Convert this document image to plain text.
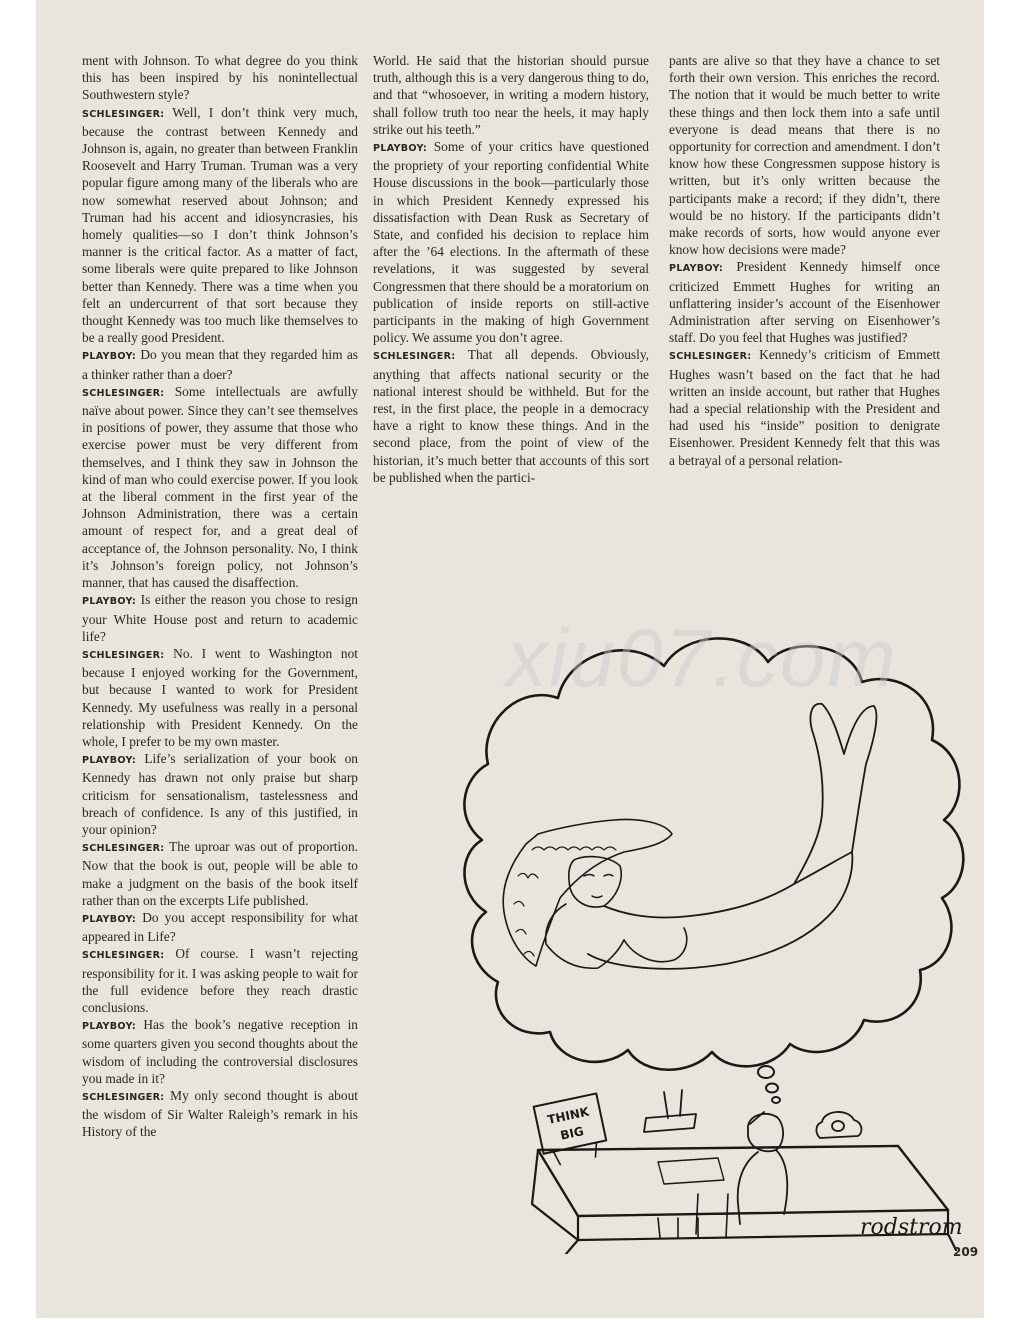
ment with Johnson. To what degree do you think this has been inspired by his nonintellectual Southwestern style?

SCHLESINGER: Well, I don’t think very much, because the contrast between Kennedy and Johnson is, again, no greater than between Franklin Roosevelt and Harry Truman. Truman was a very popular figure among many of the liberals who are now somewhat reserved about Johnson; and Truman had his accent and idiosyncrasies, his homely qualities—so I don’t think Johnson’s manner is the critical factor. As a matter of fact, some liberals were quite prepared to like Johnson better than Kennedy. There was a time when you felt an undercurrent of that sort because they thought Kennedy was too much like themselves to be a really good President.

PLAYBOY: Do you mean that they regarded him as a thinker rather than a doer?

SCHLESINGER: Some intellectuals are awfully naïve about power. Since they can’t see themselves in positions of power, they assume that those who exercise power must be very different from themselves, and I think they saw in Johnson the kind of man who could exercise power. If you look at the liberal comment in the first year of the Johnson Administration, there was a certain amount of respect for, and a great deal of acceptance of, the Johnson personality. No, I think it’s Johnson’s foreign policy, not Johnson’s manner, that has caused the disaffection.

PLAYBOY: Is either the reason you chose to resign your White House post and return to academic life?

SCHLESINGER: No. I went to Washington not because I enjoyed working for the Government, but because I wanted to work for President Kennedy. My usefulness was really in a personal relationship with President Kennedy. On the whole, I prefer to be my own master.

PLAYBOY: Life’s serialization of your book on Kennedy has drawn not only praise but sharp criticism for sensationalism, tastelessness and breach of confidence. Is any of this justified, in your opinion?

SCHLESINGER: The uproar was out of proportion. Now that the book is out, people will be able to make a judgment on the basis of the book itself rather than on the excerpts Life published.

PLAYBOY: Do you accept responsibility for what appeared in Life?

SCHLESINGER: Of course. I wasn’t rejecting responsibility for it. I was asking people to wait for the full evidence before they reach drastic conclusions.

PLAYBOY: Has the book’s negative reception in some quarters given you second thoughts about the wisdom of including the controversial disclosures you made in it?

SCHLESINGER: My only second thought is about the wisdom of Sir Walter Raleigh’s remark in his History of the

World. He said that the historian should pursue truth, although this is a very dangerous thing to do, and that “whosoever, in writing a modern history, shall follow truth too near the heels, it may haply strike out his teeth.”

PLAYBOY: Some of your critics have questioned the propriety of your reporting confidential White House discussions in the book—particularly those in which President Kennedy expressed his dissatisfaction with Dean Rusk as Secretary of State, and confided his decision to replace him after the ’64 elections. In the aftermath of these revelations, it was suggested by several Congressmen that there should be a moratorium on publication of inside reports on still-active participants in the making of high Government policy. We assume you don’t agree.

SCHLESINGER: That all depends. Obviously, anything that affects national security or the national interest should be withheld. But for the rest, in the first place, the people in a democracy have a right to know these things. And in the second place, from the point of view of the historian, it’s much better that accounts of this sort be published when the partici-

pants are alive so that they have a chance to set forth their own version. This enriches the record. The notion that it would be much better to write these things and then lock them into a safe until everyone is dead means that there is no opportunity for correction and amendment. I don’t know how these Congressmen suppose history is written, but it’s only written because the participants make a record; if they didn’t, there would be no history. If the participants didn’t make records of sorts, how would anyone ever know how decisions were made?

PLAYBOY: President Kennedy himself once criticized Emmett Hughes for writing an unflattering insider’s account of the Eisenhower Administration after serving on Eisenhower’s staff. Do you feel that Hughes was justified?

SCHLESINGER: Kennedy’s criticism of Emmett Hughes wasn’t based on the fact that he had written an inside account, but rather that Hughes had a special relationship with the President and had used his “inside” position to denigrate Eisenhower. President Kennedy felt that this was a betrayal of a personal relation-

THINK
BIG
rodstrom
xiu07.com
209
